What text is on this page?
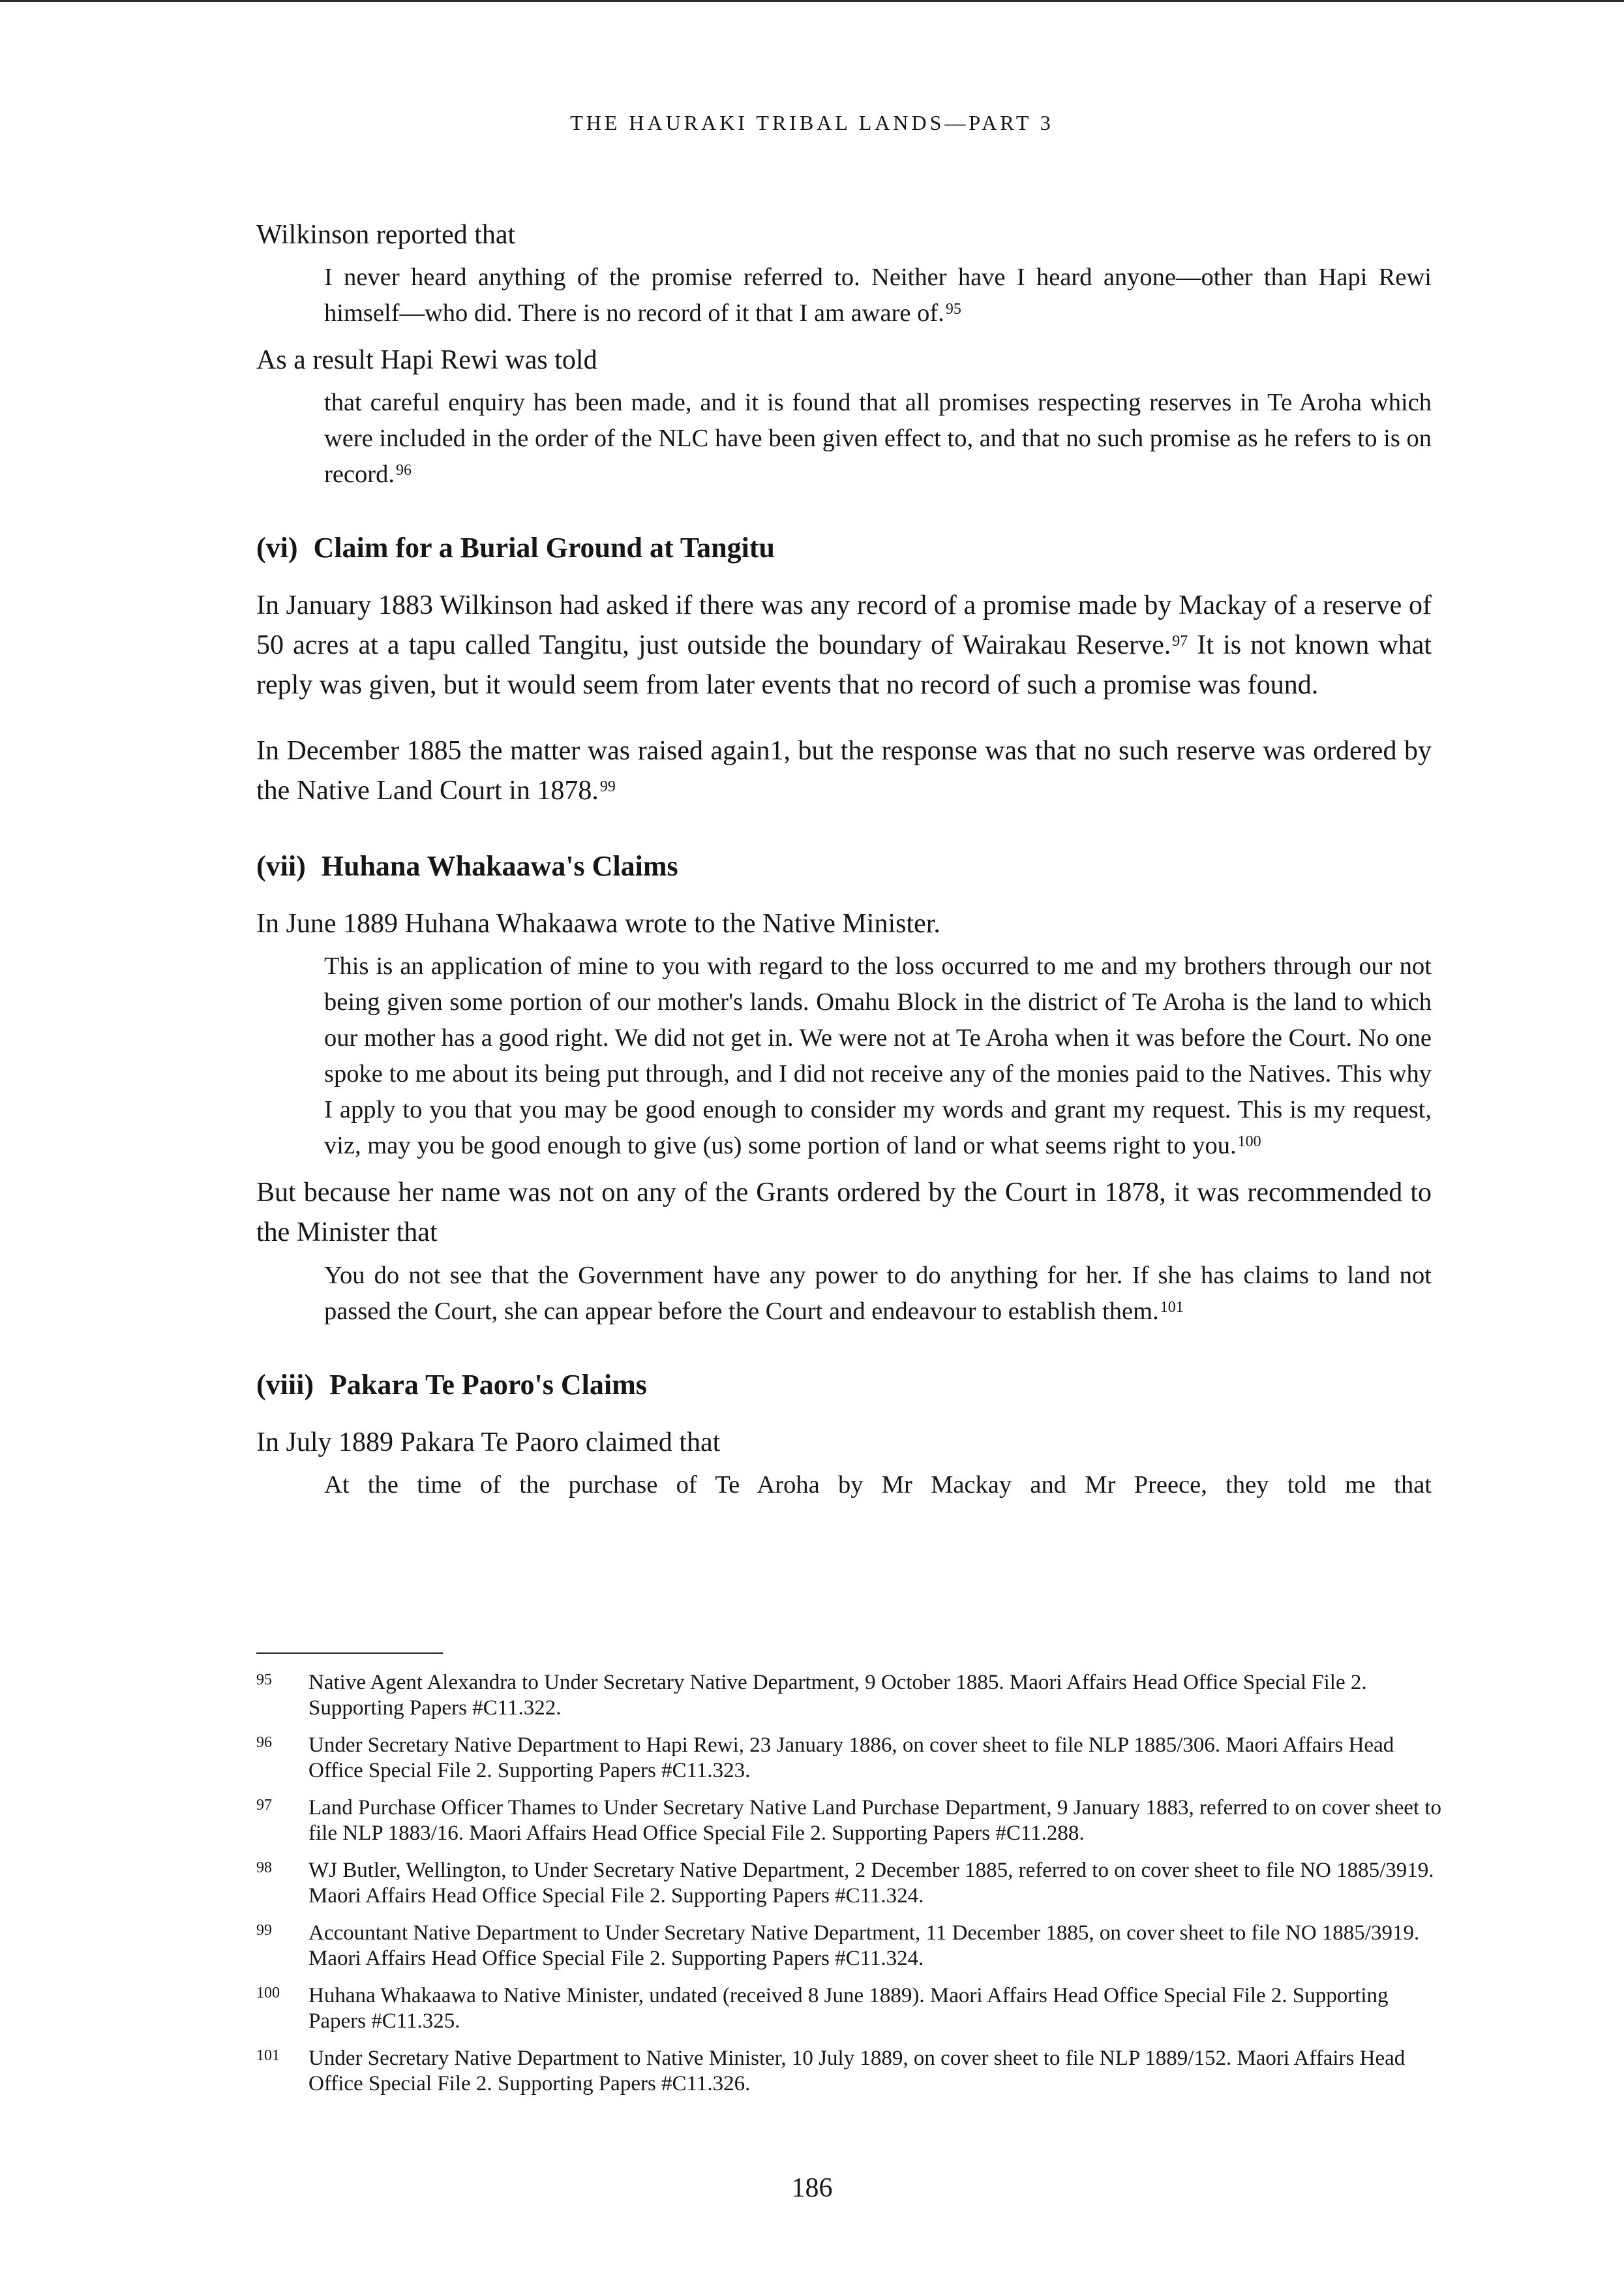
THE HAURAKI TRIBAL LANDS—PART 3

Wilkinson reported that

I never heard anything of the promise referred to. Neither have I heard anyone—other than Hapi Rewi himself—who did. There is no record of it that I am aware of.$^{95}$

As a result Hapi Rewi was told

that careful enquiry has been made, and it is found that all promises respecting reserves in Te Aroha which were included in the order of the NLC have been given effect to, and that no such promise as he refers to is on record.$^{96}$

(vi) Claim for a Burial Ground at Tangitu

In January 1883 Wilkinson had asked if there was any record of a promise made by Mackay of a reserve of 50 acres at a tapu called Tangitu, just outside the boundary of Wairakau Reserve.$^{97}$ It is not known what reply was given, but it would seem from later events that no record of such a promise was found.

In December 1885 the matter was raised again1, but the response was that no such reserve was ordered by the Native Land Court in 1878.99

(vii) Huhana Whakaawa's Claims

In June 1889 Huhana Whakaawa wrote to the Native Minister.

This is an application of mine to you with regard to the loss occurred to me and my brothers through our not being given some portion of our mother's lands. Omahu Block in the district of Te Aroha is the land to which our mother has a good right. We did not get in. We were not at Te Aroha when it was before the Court. No one spoke to me about its being put through, and I did not receive any of the monies paid to the Natives. This why I apply to you that you may be good enough to consider my words and grant my request. This is my request, viz, may you be good enough to give (us) some portion of land or what seems right to you.$^{100}$

But because her name was not on any of the Grants ordered by the Court in 1878, it was recommended to the Minister that

You do not see that the Government have any power to do anything for her. If she has claims to land not passed the Court, she can appear before the Court and endeavour to establish them.$^{101}$

(viii) Pakara Te Paoro's Claims

In July 1889 Pakara Te Paoro claimed that

At the time of the purchase of Te Aroha by Mr Mackay and Mr Preece, they told me that

95	Native Agent Alexandra to Under Secretary Native Department, 9 October 1885. Maori Affairs Head Office Special File 2. Supporting Papers #C11.322.
96	Under Secretary Native Department to Hapi Rewi, 23 January 1886, on cover sheet to file NLP 1885/306. Maori Affairs Head Office Special File 2. Supporting Papers #C11.323.
97	Land Purchase Officer Thames to Under Secretary Native Land Purchase Department, 9 January 1883, referred to on cover sheet to file NLP 1883/16. Maori Affairs Head Office Special File 2. Supporting Papers #C11.288.
98	WJ Butler, Wellington, to Under Secretary Native Department, 2 December 1885, referred to on cover sheet to file NO 1885/3919. Maori Affairs Head Office Special File 2. Supporting Papers #C11.324.
99	Accountant Native Department to Under Secretary Native Department, 11 December 1885, on cover sheet to file NO 1885/3919. Maori Affairs Head Office Special File 2. Supporting Papers #C11.324.
100	Huhana Whakaawa to Native Minister, undated (received 8 June 1889). Maori Affairs Head Office Special File 2. Supporting Papers #C11.325.
101	Under Secretary Native Department to Native Minister, 10 July 1889, on cover sheet to file NLP 1889/152. Maori Affairs Head Office Special File 2. Supporting Papers #C11.326.
186
